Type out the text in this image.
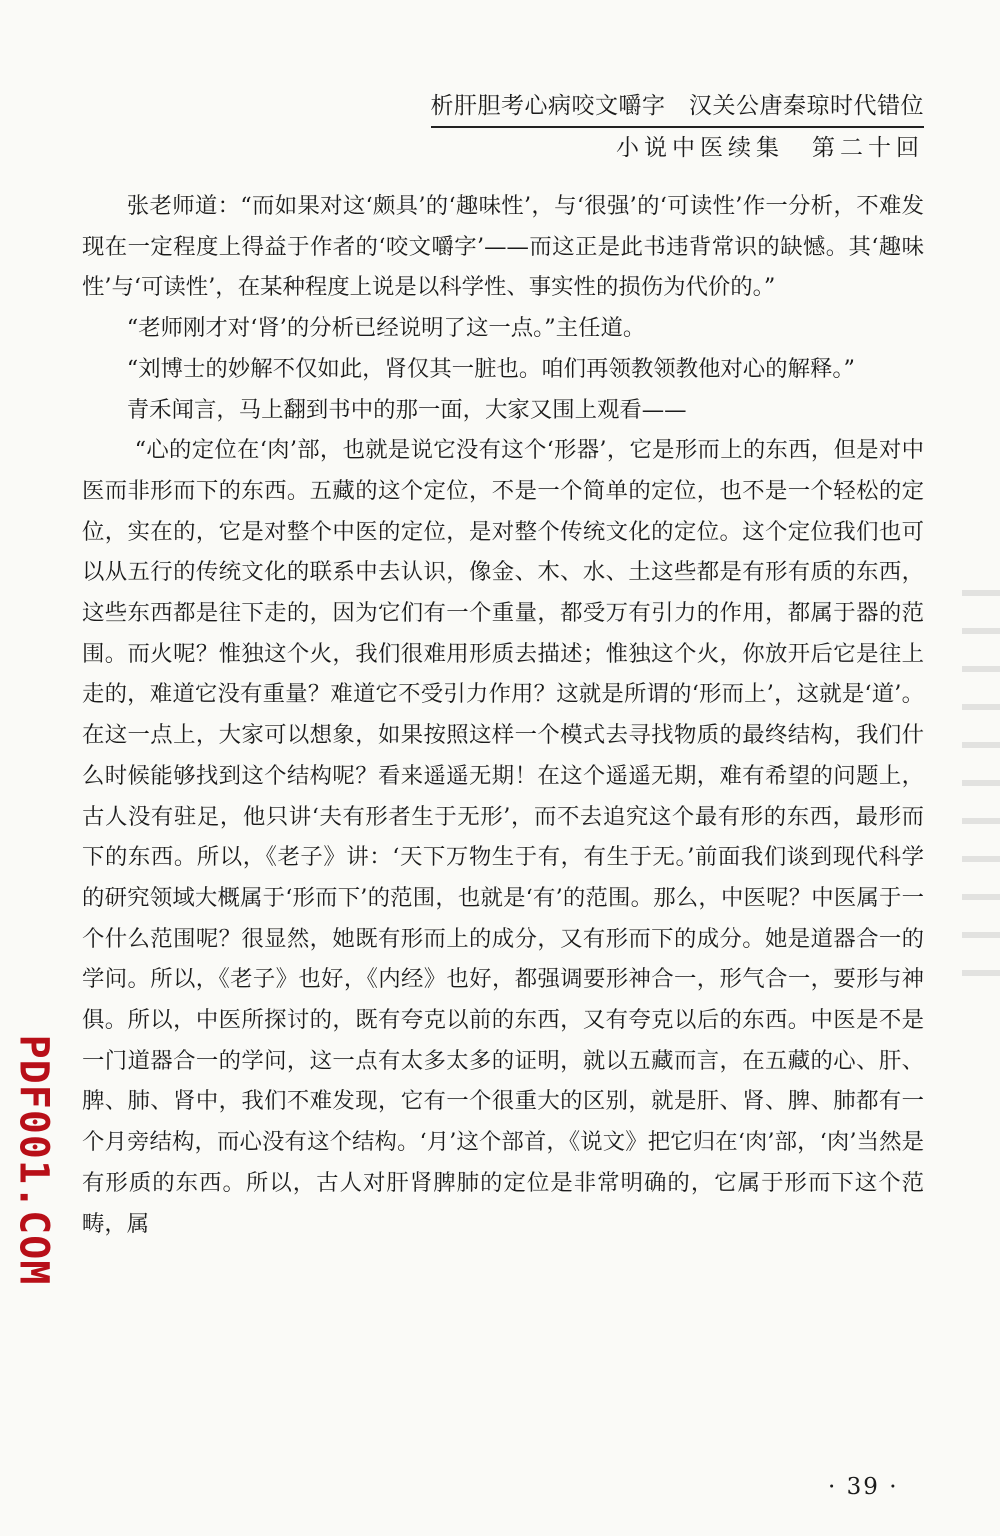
析肝胆考心病咬文嚼字　汉关公唐秦琼时代错位
小说中医续集　第二十回

张老师道：“而如果对这‘颇具’的‘趣味性’，与‘很强’的‘可读性’作一分析，不难发现在一定程度上得益于作者的‘咬文嚼字’——而这正是此书违背常识的缺憾。其‘趣味性’与‘可读性’，在某种程度上说是以科学性、事实性的损伤为代价的。”

“老师刚才对‘肾’的分析已经说明了这一点。”主任道。

“刘博士的妙解不仅如此，肾仅其一脏也。咱们再领教领教他对心的解释。”

青禾闻言，马上翻到书中的那一面，大家又围上观看——

“心的定位在‘肉’部，也就是说它没有这个‘形器’，它是形而上的东西，但是对中医而非形而下的东西。五藏的这个定位，不是一个简单的定位，也不是一个轻松的定位，实在的，它是对整个中医的定位，是对整个传统文化的定位。这个定位我们也可以从五行的传统文化的联系中去认识，像金、木、水、土这些都是有形有质的东西，这些东西都是往下走的，因为它们有一个重量，都受万有引力的作用，都属于器的范围。而火呢？惟独这个火，我们很难用形质去描述；惟独这个火，你放开后它是往上走的，难道它没有重量？难道它不受引力作用？这就是所谓的‘形而上’，这就是‘道’。在这一点上，大家可以想象，如果按照这样一个模式去寻找物质的最终结构，我们什么时候能够找到这个结构呢？看来遥遥无期！在这个遥遥无期，难有希望的问题上，古人没有驻足，他只讲‘夫有形者生于无形’，而不去追究这个最有形的东西，最形而下的东西。所以，《老子》讲：‘天下万物生于有，有生于无。’前面我们谈到现代科学的研究领域大概属于‘形而下’的范围，也就是‘有’的范围。那么，中医呢？中医属于一个什么范围呢？很显然，她既有形而上的成分，又有形而下的成分。她是道器合一的学问。所以，《老子》也好，《内经》也好，都强调要形神合一，形气合一，要形与神俱。所以，中医所探讨的，既有夸克以前的东西，又有夸克以后的东西。中医是不是一门道器合一的学问，这一点有太多太多的证明，就以五藏而言，在五藏的心、肝、脾、肺、肾中，我们不难发现，它有一个很重大的区别，就是肝、肾、脾、肺都有一个月旁结构，而心没有这个结构。‘月’这个部首，《说文》把它归在‘肉’部，‘肉’当然是有形质的东西。所以，古人对肝肾脾肺的定位是非常明确的，它属于形而下这个范畴，属

· 39 ·
PDF001.COM
